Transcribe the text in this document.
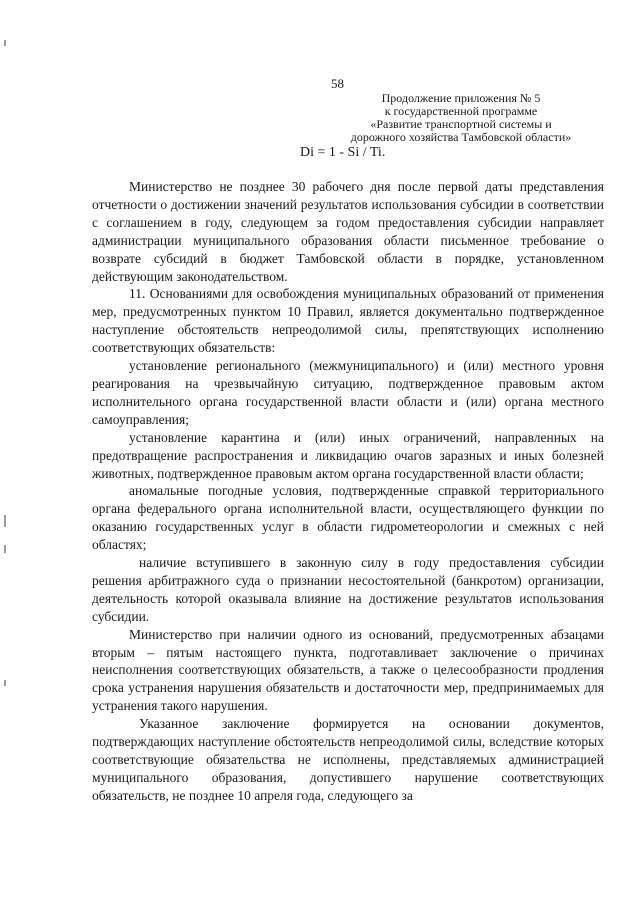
58
Продолжение приложения № 5
к государственной программе
«Развитие транспортной системы и
дорожного хозяйства Тамбовской области»
Di = 1 - Si / Ti.

Министерство не позднее 30 рабочего дня после первой даты представления отчетности о достижении значений результатов использования субсидии в соответствии с соглашением в году, следующем за годом предоставления субсидии направляет администрации муниципального образования области письменное требование о возврате субсидий в бюджет Тамбовской области в порядке, установленном действующим законодательством.

11. Основаниями для освобождения муниципальных образований от применения мер, предусмотренных пунктом 10 Правил, является документально подтвержденное наступление обстоятельств непреодолимой силы, препятствующих исполнению соответствующих обязательств:

установление регионального (межмуниципального) и (или) местного уровня реагирования на чрезвычайную ситуацию, подтвержденное правовым актом исполнительного органа государственной власти области и (или) органа местного самоуправления;

установление карантина и (или) иных ограничений, направленных на предотвращение распространения и ликвидацию очагов заразных и иных болезней животных, подтвержденное правовым актом органа государственной власти области;

аномальные погодные условия, подтвержденные справкой территориального органа федерального органа исполнительной власти, осуществляющего функции по оказанию государственных услуг в области гидрометеорологии и смежных с ней областях;

наличие вступившего в законную силу в году предоставления субсидии решения арбитражного суда о признании несостоятельной (банкротом) организации, деятельность которой оказывала влияние на достижение результатов использования субсидии.

Министерство при наличии одного из оснований, предусмотренных абзацами вторым – пятым настоящего пункта, подготавливает заключение о причинах неисполнения соответствующих обязательств, а также о целесообразности продления срока устранения нарушения обязательств и достаточности мер, предпринимаемых для устранения такого нарушения.

Указанное заключение формируется на основании документов, подтверждающих наступление обстоятельств непреодолимой силы, вследствие которых соответствующие обязательства не исполнены, представляемых администрацией муниципального образования, допустившего нарушение соответствующих обязательств, не позднее 10 апреля года, следующего за
